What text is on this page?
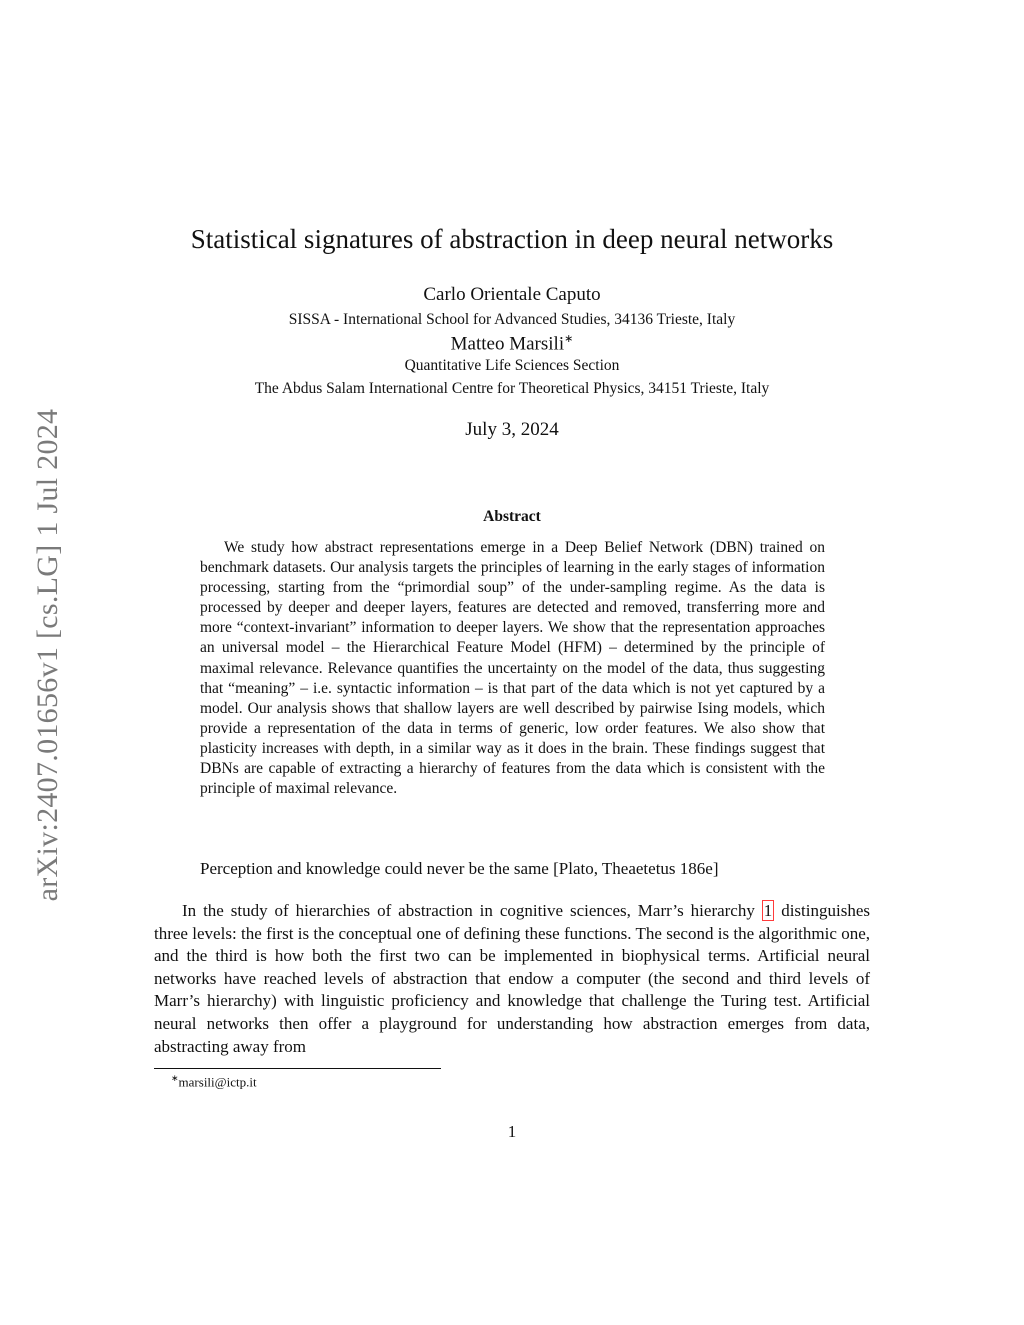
arXiv:2407.01656v1 [cs.LG] 1 Jul 2024
Statistical signatures of abstraction in deep neural networks
Carlo Orientale Caputo
SISSA - International School for Advanced Studies, 34136 Trieste, Italy
Matteo Marsili∗
Quantitative Life Sciences Section
The Abdus Salam International Centre for Theoretical Physics, 34151 Trieste, Italy
July 3, 2024
Abstract

We study how abstract representations emerge in a Deep Belief Network (DBN) trained on benchmark datasets. Our analysis targets the principles of learning in the early stages of information processing, starting from the “primordial soup” of the under-sampling regime. As the data is processed by deeper and deeper layers, features are detected and removed, transferring more and more “context-invariant” information to deeper layers. We show that the representation approaches an universal model – the Hierarchical Feature Model (HFM) – determined by the principle of maximal relevance. Relevance quantifies the uncertainty on the model of the data, thus suggesting that “meaning” – i.e. syntactic information – is that part of the data which is not yet captured by a model. Our analysis shows that shallow layers are well described by pairwise Ising models, which provide a representation of the data in terms of generic, low order features. We also show that plasticity increases with depth, in a similar way as it does in the brain. These findings suggest that DBNs are capable of extracting a hierarchy of features from the data which is consistent with the principle of maximal relevance.

Perception and knowledge could never be the same [Plato, Theaetetus 186e]

In the study of hierarchies of abstraction in cognitive sciences, Marr’s hierarchy 1 distinguishes three levels: the first is the conceptual one of defining these functions. The second is the algorithmic one, and the third is how both the first two can be implemented in biophysical terms. Artificial neural networks have reached levels of abstraction that endow a computer (the second and third levels of Marr’s hierarchy) with linguistic proficiency and knowledge that challenge the Turing test. Artificial neural networks then offer a playground for understanding how abstraction emerges from data, abstracting away from

∗marsili@ictp.it
1
